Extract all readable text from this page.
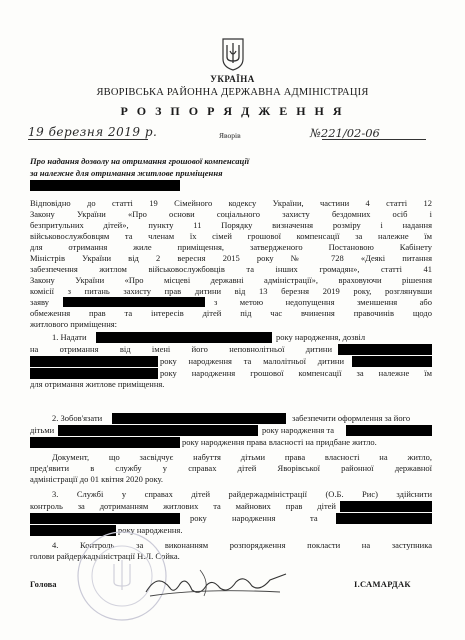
УКРАЇНА
ЯВОРІВСЬКА РАЙОННА ДЕРЖАВНА АДМІНІСТРАЦІЯ
Р О З П О Р Я Д Ж Е Н Н Я
19 березня 2019 р.	Яворів	№221/02-06
Про надання дозволу на отримання грошової компенсації
за належне для отримання житлове приміщення
Відповідно до статті 19 Сімейного кодексу України, частини 4 статті 12
Закону України «Про основи соціального захисту бездомних осіб і
безпритульних дітей», пункту 11 Порядку визначення розміру і надання
військовослужбовцям та членам їх сімей грошової компенсації за належне їм
для отримання жиле приміщення, затвердженого Постановою Кабінету
Міністрів України від 2 вересня 2015 року № 728 «Деякі питання
забезпечення житлом військовослужбовців та інших громадян», статті 41
Закону України «Про місцеві державні адміністрації», враховуючи рішення
комісії з питань захисту прав дитини від 13 березня 2019 року, розглянувши
заяву	з метою недопущення зменшення або
обмеження прав та інтересів дітей під час вчинення правочинів щодо
житлового приміщення:
1. Надати	року народження, дозвіл
на отримання від імені його неповнолітньої дитини
року народження та малолітньої дитини
року народження грошової компенсації за належне їм
для отримання житлове приміщення.
2. Зобов'язати	забезпечити оформлення за його
дітьми	року народження та
року народження права власності на придбане житло.
Документ, що засвідчує набуття дітьми права власності на житло,
пред'явити в службу у справах дітей Яворівської районної державної
адміністрації до 01 квітня 2020 року.
3. Службі у справах дітей райдержадміністрації (О.Б. Рис) здійснити
контроль за дотриманням житлових та майнових прав дітей
року	народження	та
року народження.
4. Контроль за виконанням розпорядження покласти на заступника
голови райдержадміністрації Н.Л. Сойка.
Голова	І.САМАРДАК
